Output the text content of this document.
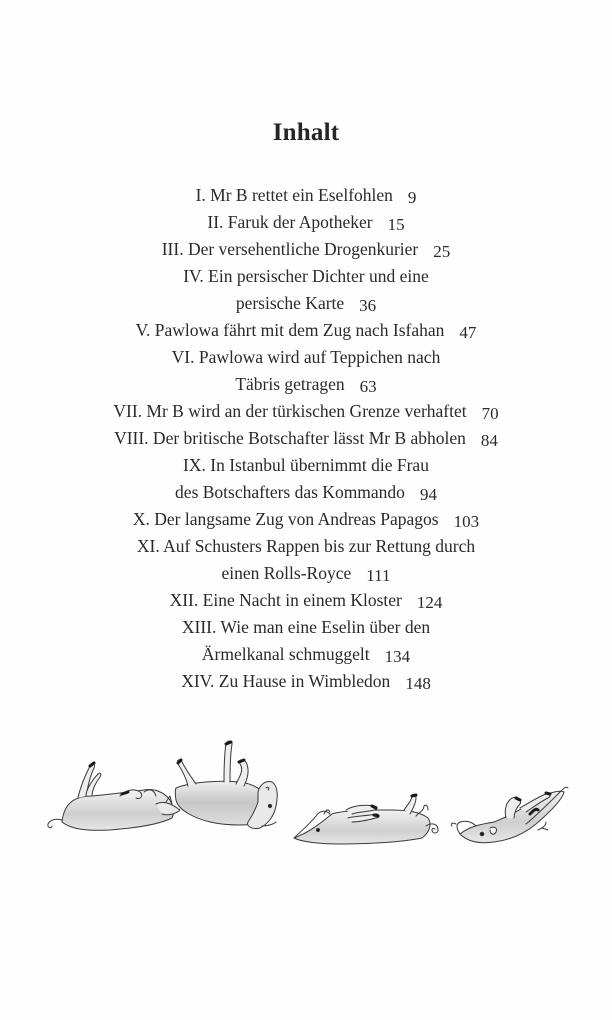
Inhalt
I. Mr B rettet ein Eselfohlen 9
II. Faruk der Apotheker 15
III. Der versehentliche Drogenkurier 25
IV. Ein persischer Dichter und eine
persische Karte 36
V. Pawlowa fährt mit dem Zug nach Isfahan 47
VI. Pawlowa wird auf Teppichen nach
Täbris getragen 63
VII. Mr B wird an der türkischen Grenze verhaftet 70
VIII. Der britische Botschafter lässt Mr B abholen 84
IX. In Istanbul übernimmt die Frau
des Botschafters das Kommando 94
X. Der langsame Zug von Andreas Papagos 103
XI. Auf Schusters Rappen bis zur Rettung durch
einen Rolls-Royce 111
XII. Eine Nacht in einem Kloster 124
XIII. Wie man eine Eselin über den
Ärmelkanal schmuggelt 134
XIV. Zu Hause in Wimbledon 148
